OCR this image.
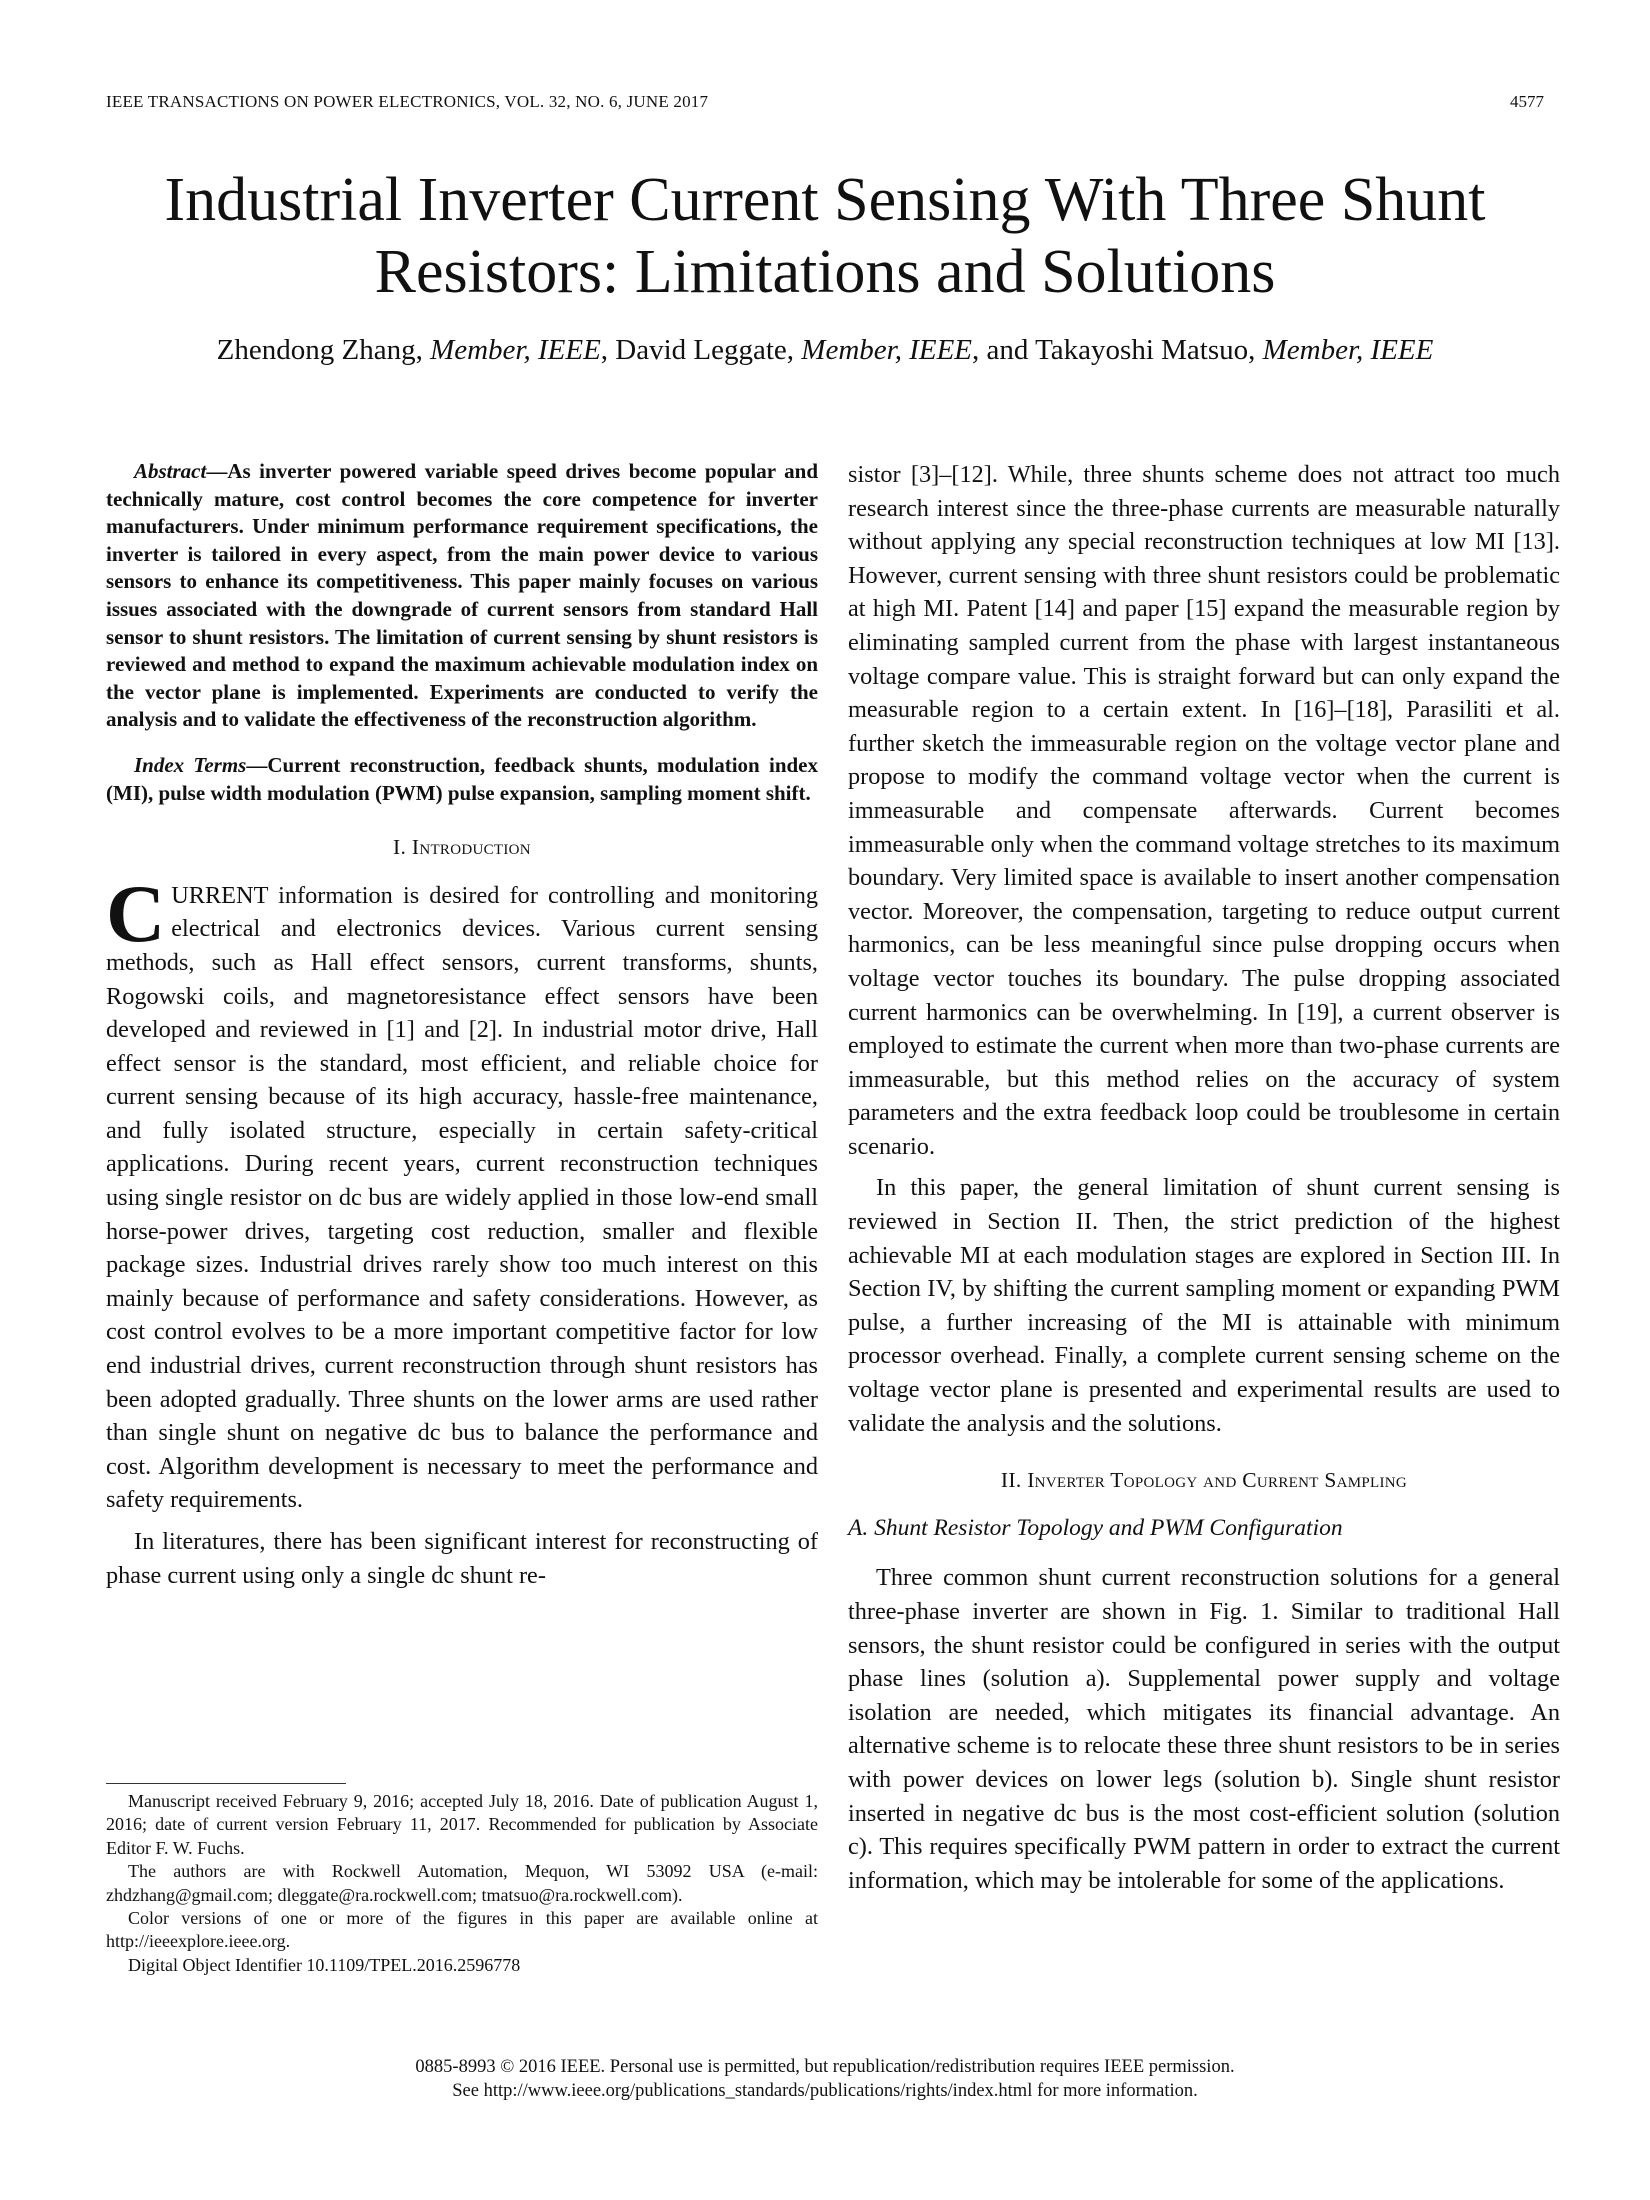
IEEE TRANSACTIONS ON POWER ELECTRONICS, VOL. 32, NO. 6, JUNE 2017	4577
Industrial Inverter Current Sensing With Three Shunt
Resistors: Limitations and Solutions
Zhendong Zhang, Member, IEEE, David Leggate, Member, IEEE, and Takayoshi Matsuo, Member, IEEE

Abstract—As inverter powered variable speed drives become popular and technically mature, cost control becomes the core competence for inverter manufacturers. Under minimum performance requirement specifications, the inverter is tailored in every aspect, from the main power device to various sensors to enhance its competitiveness. This paper mainly focuses on various issues associated with the downgrade of current sensors from standard Hall sensor to shunt resistors. The limitation of current sensing by shunt resistors is reviewed and method to expand the maximum achievable modulation index on the vector plane is implemented. Experiments are conducted to verify the analysis and to validate the effectiveness of the reconstruction algorithm.

Index Terms—Current reconstruction, feedback shunts, modulation index (MI), pulse width modulation (PWM) pulse expansion, sampling moment shift.

I. Introduction

CURRENT information is desired for controlling and monitoring electrical and electronics devices. Various current sensing methods, such as Hall effect sensors, current transforms, shunts, Rogowski coils, and magnetoresistance effect sensors have been developed and reviewed in [1] and [2]. In industrial motor drive, Hall effect sensor is the standard, most efficient, and reliable choice for current sensing because of its high accuracy, hassle-free maintenance, and fully isolated structure, especially in certain safety-critical applications. During recent years, current reconstruction techniques using single resistor on dc bus are widely applied in those low-end small horse-power drives, targeting cost reduction, smaller and flexible package sizes. Industrial drives rarely show too much interest on this mainly because of performance and safety considerations. However, as cost control evolves to be a more important competitive factor for low end industrial drives, current reconstruction through shunt resistors has been adopted gradually. Three shunts on the lower arms are used rather than single shunt on negative dc bus to balance the performance and cost. Algorithm development is necessary to meet the performance and safety requirements.

In literatures, there has been significant interest for reconstructing of phase current using only a single dc shunt re-

Manuscript received February 9, 2016; accepted July 18, 2016. Date of publication August 1, 2016; date of current version February 11, 2017. Recommended for publication by Associate Editor F. W. Fuchs.

The authors are with Rockwell Automation, Mequon, WI 53092 USA (e-mail: zhdzhang@gmail.com; dleggate@ra.rockwell.com; tmatsuo@ra.rockwell.com).

Color versions of one or more of the figures in this paper are available online at http://ieeexplore.ieee.org.

Digital Object Identifier 10.1109/TPEL.2016.2596778

sistor [3]–[12]. While, three shunts scheme does not attract too much research interest since the three-phase currents are measurable naturally without applying any special reconstruction techniques at low MI [13]. However, current sensing with three shunt resistors could be problematic at high MI. Patent [14] and paper [15] expand the measurable region by eliminating sampled current from the phase with largest instantaneous voltage compare value. This is straight forward but can only expand the measurable region to a certain extent. In [16]–[18], Parasiliti et al. further sketch the immeasurable region on the voltage vector plane and propose to modify the command voltage vector when the current is immeasurable and compensate afterwards. Current becomes immeasurable only when the command voltage stretches to its maximum boundary. Very limited space is available to insert another compensation vector. Moreover, the compensation, targeting to reduce output current harmonics, can be less meaningful since pulse dropping occurs when voltage vector touches its boundary. The pulse dropping associated current harmonics can be overwhelming. In [19], a current observer is employed to estimate the current when more than two-phase currents are immeasurable, but this method relies on the accuracy of system parameters and the extra feedback loop could be troublesome in certain scenario.

In this paper, the general limitation of shunt current sensing is reviewed in Section II. Then, the strict prediction of the highest achievable MI at each modulation stages are explored in Section III. In Section IV, by shifting the current sampling moment or expanding PWM pulse, a further increasing of the MI is attainable with minimum processor overhead. Finally, a complete current sensing scheme on the voltage vector plane is presented and experimental results are used to validate the analysis and the solutions.

II. Inverter Topology and Current Sampling

A. Shunt Resistor Topology and PWM Configuration

Three common shunt current reconstruction solutions for a general three-phase inverter are shown in Fig. 1. Similar to traditional Hall sensors, the shunt resistor could be configured in series with the output phase lines (solution a). Supplemental power supply and voltage isolation are needed, which mitigates its financial advantage. An alternative scheme is to relocate these three shunt resistors to be in series with power devices on lower legs (solution b). Single shunt resistor inserted in negative dc bus is the most cost-efficient solution (solution c). This requires specifically PWM pattern in order to extract the current information, which may be intolerable for some of the applications.

0885-8993 © 2016 IEEE. Personal use is permitted, but republication/redistribution requires IEEE permission.
See http://www.ieee.org/publications_standards/publications/rights/index.html for more information.
